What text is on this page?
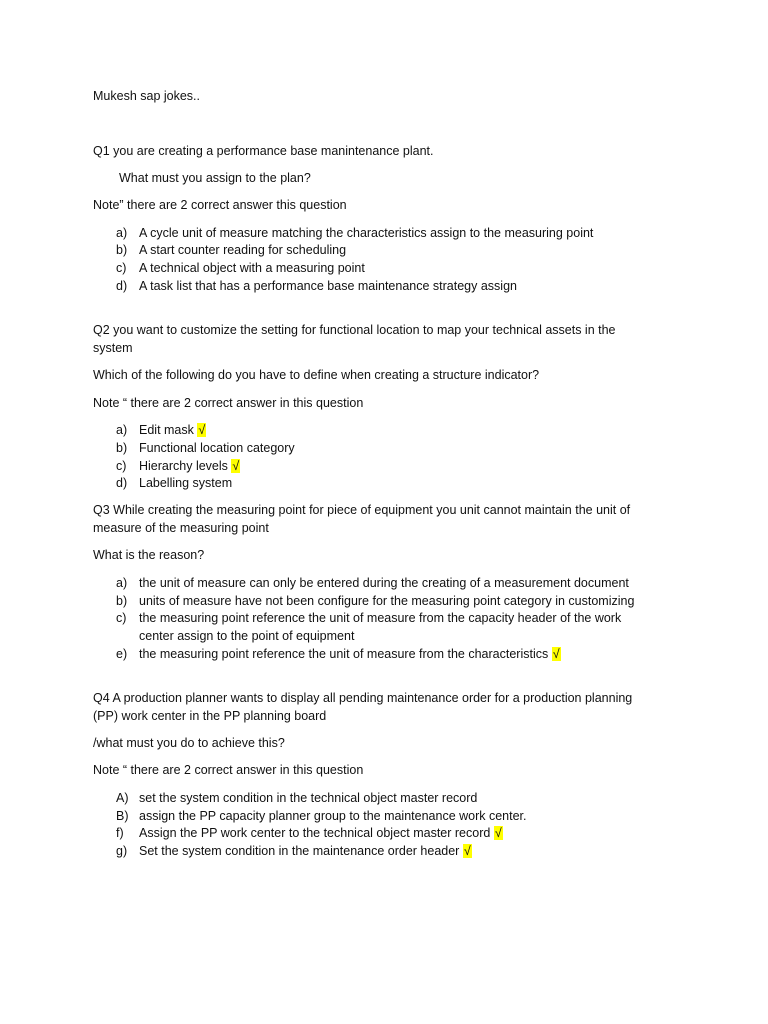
Mukesh sap jokes..
Q1 you are creating a performance base manintenance plant.
What must you assign to the plan?
Note” there are 2 correct answer this question
a) A cycle unit of measure matching the characteristics assign to the measuring point
b) A start counter reading for scheduling
c)	A technical object with a measuring point
d) A task list that has a performance base maintenance strategy assign
Q2 you want to customize the setting for functional location to map your technical assets in the
system
Which of the following do you have to define when creating a structure indicator?
Note “ there are 2 correct answer in this question
a) Edit mask √
b) Functional location category
c)	Hierarchy levels √
d) Labelling system
Q3 While creating the measuring point for piece of equipment you unit cannot maintain the unit of
measure of the measuring point
What is the reason?
a) the unit of measure can only be entered during the creating of a measurement document
b) units of measure have not been configure for the measuring point category in customizing
c)	the measuring point reference the unit of measure from the capacity header of the work
center assign to the point of equipment
e) the measuring point reference the unit of measure from the characteristics √
Q4 A production planner wants to display all pending maintenance order for a production planning
(PP) work center in the PP planning board
/what must you do to achieve this?
Note “ there are 2 correct answer in this question
A) set the system condition in the technical object master record
B) assign the PP capacity planner group to the maintenance work center.
f)	Assign the PP work center to the technical object master record √
g) Set the system condition in the maintenance order header √
